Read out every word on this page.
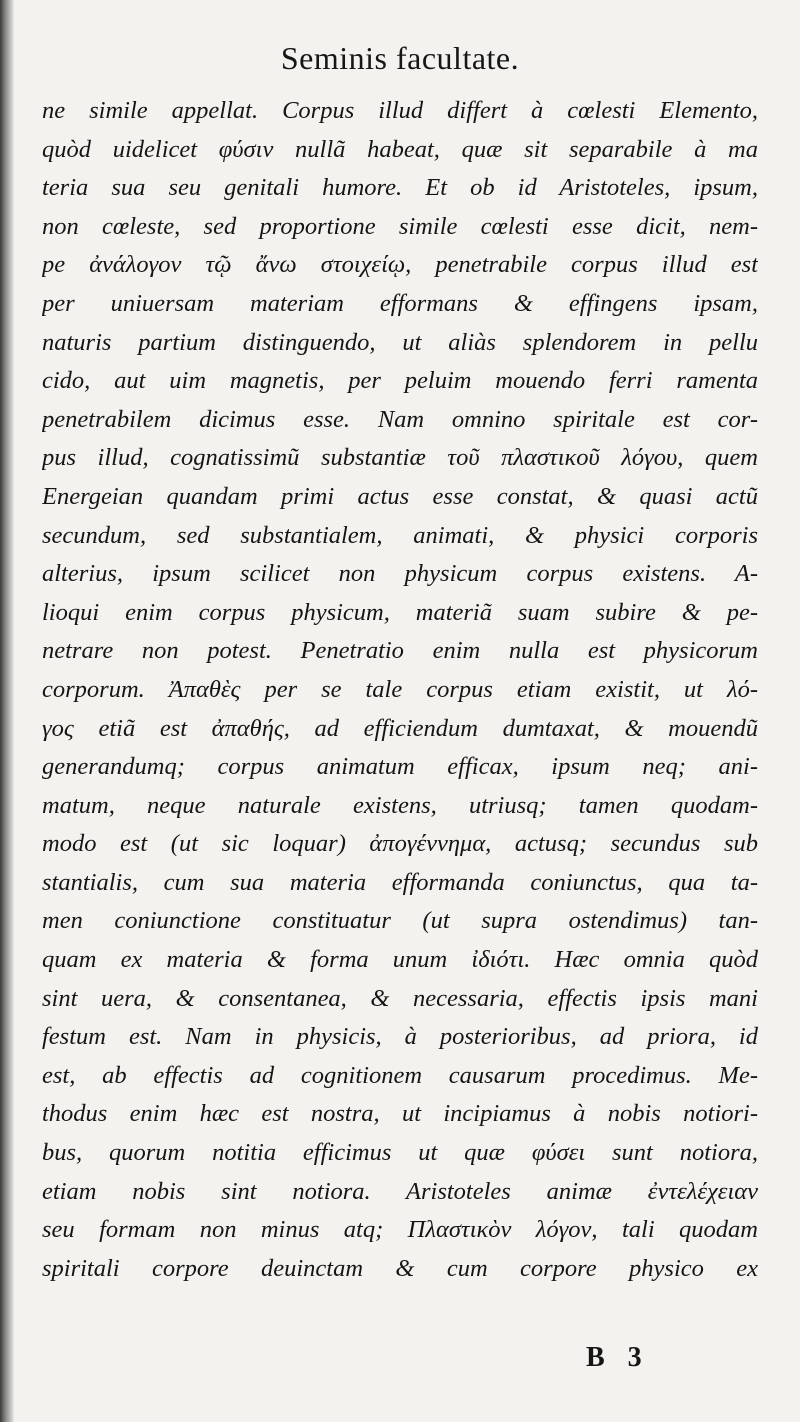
Seminis facultate.
ne simile appellat. Corpus illud differt à cœlesti Elemento,
quòd uidelicet φύσιν nullã habeat, quæ sit separabile à ma
teria sua seu genitali humore. Et ob id Aristoteles, ipsum,
non cœleste, sed proportione simile cœlesti esse dicit, nem-
pe ἀνάλογον τῷ ἄνω στοιχείῳ, penetrabile corpus illud est
per uniuersam materiam efformans & effingens ipsam,
naturis partium distinguendo, ut aliàs splendorem in pellu
cido, aut uim magnetis, per peluim mouendo ferri ramenta
penetrabilem dicimus esse. Nam omnino spiritale est cor-
pus illud, cognatissimũ substantiæ τοῦ πλαστικοῦ λόγου, quem
Energeian quandam primi actus esse constat, & quasi actũ
secundum, sed substantialem, animati, & physici corporis
alterius, ipsum scilicet non physicum corpus existens. A-
lioqui enim corpus physicum, materiã suam subire & pe-
netrare non potest. Penetratio enim nulla est physicorum
corporum. Ἀπαθὲς per se tale corpus etiam existit, ut λό-
γος etiã est ἀπαθής, ad efficiendum dumtaxat, & mouendũ
generandumq; corpus animatum efficax, ipsum neq; ani-
matum, neque naturale existens, utriusq; tamen quodam-
modo est (ut sic loquar) ἀπογέννημα, actusq; secundus sub
stantialis, cum sua materia efformanda coniunctus, qua ta-
men coniunctione constituatur (ut supra ostendimus) tan-
quam ex materia & forma unum ἰδιότι. Hæc omnia quòd
sint uera, & consentanea, & necessaria, effectis ipsis mani
festum est. Nam in physicis, à posterioribus, ad priora, id
est, ab effectis ad cognitionem causarum procedimus. Me-
thodus enim hæc est nostra, ut incipiamus à nobis notiori-
bus, quorum notitia efficimus ut quæ φύσει sunt notiora,
etiam nobis sint notiora. Aristoteles animæ ἐντελέχειαν
seu formam non minus atq; Πλαστικὸν λόγον, tali quodam
spiritali corpore deuinctam & cum corpore physico ex
B 3
